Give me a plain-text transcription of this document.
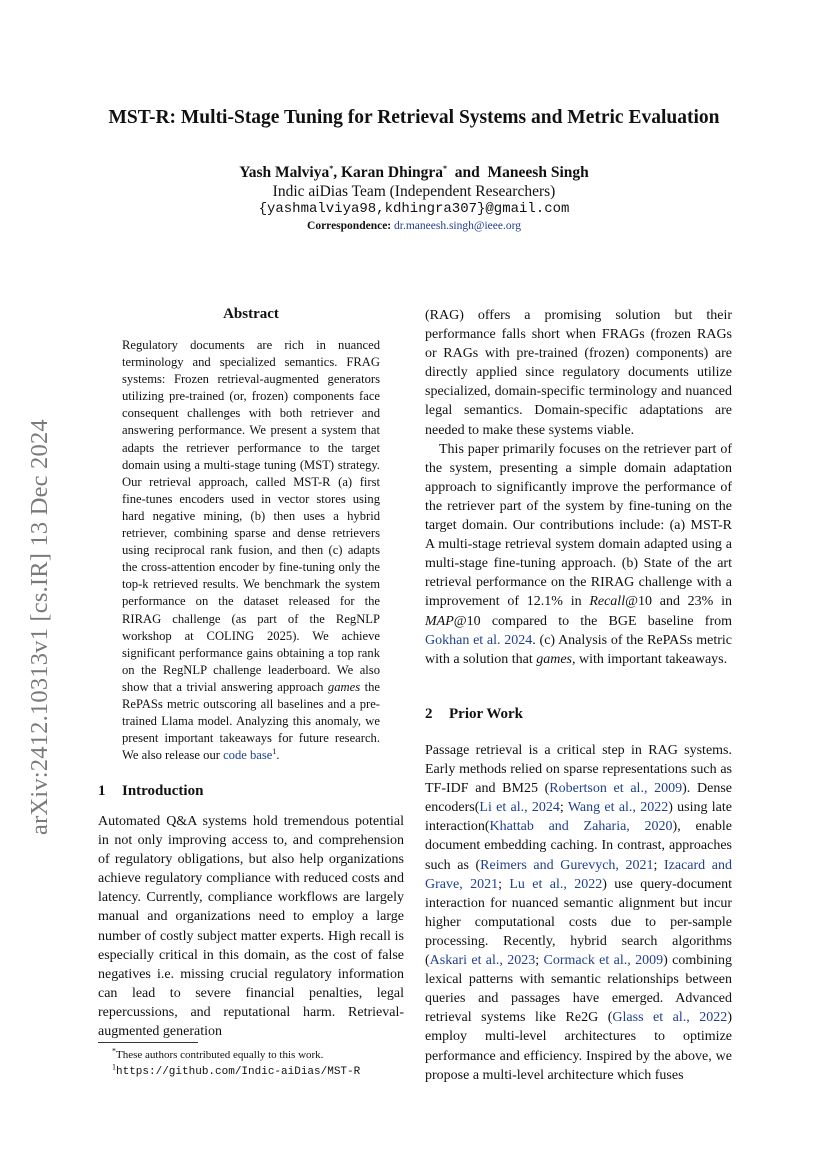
arXiv:2412.10313v1 [cs.IR] 13 Dec 2024
MST-R: Multi-Stage Tuning for Retrieval Systems and Metric Evaluation
Yash Malviya*, Karan Dhingra* and Maneesh Singh
Indic aiDias Team (Independent Researchers)
{yashmalviya98,kdhingra307}@gmail.com
Correspondence: dr.maneesh.singh@ieee.org
Abstract
Regulatory documents are rich in nuanced terminology and specialized semantics. FRAG systems: Frozen retrieval-augmented generators utilizing pre-trained (or, frozen) components face consequent challenges with both retriever and answering performance. We present a system that adapts the retriever performance to the target domain using a multi-stage tuning (MST) strategy. Our retrieval approach, called MST-R (a) first fine-tunes encoders used in vector stores using hard negative mining, (b) then uses a hybrid retriever, combining sparse and dense retrievers using reciprocal rank fusion, and then (c) adapts the cross-attention encoder by fine-tuning only the top-k retrieved results. We benchmark the system performance on the dataset released for the RIRAG challenge (as part of the RegNLP workshop at COLING 2025). We achieve significant performance gains obtaining a top rank on the RegNLP challenge leaderboard. We also show that a trivial answering approach games the RePASs metric outscoring all baselines and a pre-trained Llama model. Analyzing this anomaly, we present important takeaways for future research. We also release our code base$^1$.
1 Introduction
Automated Q&A systems hold tremendous potential in not only improving access to, and comprehension of regulatory obligations, but also help organizations achieve regulatory compliance with reduced costs and latency. Currently, compliance workflows are largely manual and organizations need to employ a large number of costly subject matter experts. High recall is especially critical in this domain, as the cost of false negatives i.e. missing crucial regulatory information can lead to severe financial penalties, legal repercussions, and reputational harm. Retrieval-augmented generation

(RAG) offers a promising solution but their performance falls short when FRAGs (frozen RAGs or RAGs with pre-trained (frozen) components) are directly applied since regulatory documents utilize specialized, domain-specific terminology and nuanced legal semantics. Domain-specific adaptations are needed to make these systems viable.

This paper primarily focuses on the retriever part of the system, presenting a simple domain adaptation approach to significantly improve the performance of the retriever part of the system by fine-tuning on the target domain. Our contributions include: (a) MST-R A multi-stage retrieval system domain adapted using a multi-stage fine-tuning approach. (b) State of the art retrieval performance on the RIRAG challenge with a improvement of 12.1% in Recall@10 and 23% in MAP@10 compared to the BGE baseline from Gokhan et al. 2024. (c) Analysis of the RePASs metric with a solution that games, with important takeaways.

2 Prior Work
Passage retrieval is a critical step in RAG systems. Early methods relied on sparse representations such as TF-IDF and BM25 (Robertson et al., 2009). Dense encoders(Li et al., 2024; Wang et al., 2022) using late interaction(Khattab and Zaharia, 2020), enable document embedding caching. In contrast, approaches such as (Reimers and Gurevych, 2021; Izacard and Grave, 2021; Lu et al., 2022) use query-document interaction for nuanced semantic alignment but incur higher computational costs due to per-sample processing. Recently, hybrid search algorithms (Askari et al., 2023; Cormack et al., 2009) combining lexical patterns with semantic relationships between queries and passages have emerged. Advanced retrieval systems like Re2G (Glass et al., 2022) employ multi-level architectures to optimize performance and efficiency. Inspired by the above, we propose a multi-level architecture which fuses
*These authors contributed equally to this work.
$^1$https://github.com/Indic-aiDias/MST-R
